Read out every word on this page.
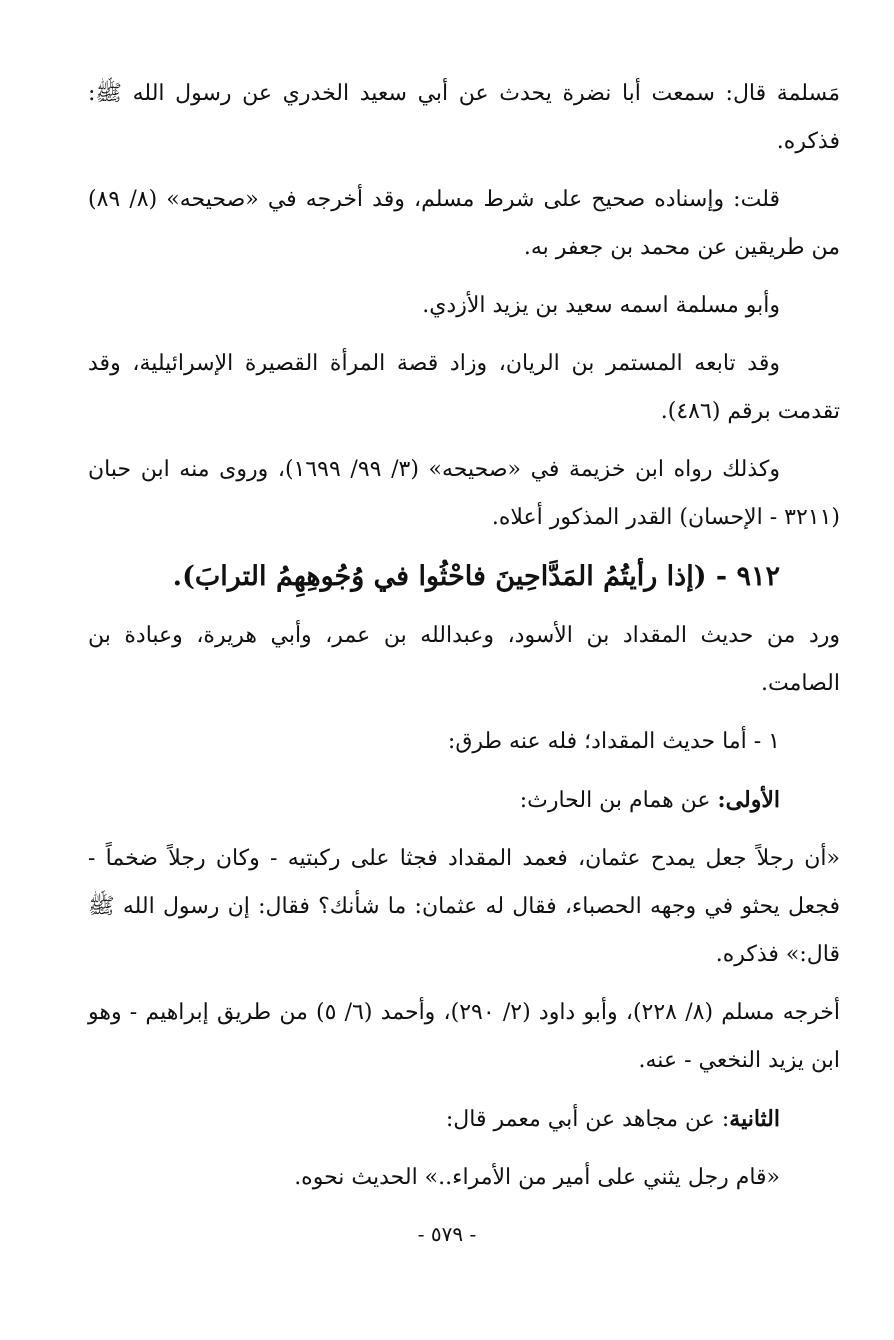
مَسلمة قال: سمعت أبا نضرة يحدث عن أبي سعيد الخدري عن رسول الله ﷺ: فذكره.

قلت: وإسناده صحيح على شرط مسلم، وقد أخرجه في «صحيحه» (٨/ ٨٩) من طريقين عن محمد بن جعفر به.

وأبو مسلمة اسمه سعيد بن يزيد الأزدي.

وقد تابعه المستمر بن الريان، وزاد قصة المرأة القصيرة الإسرائيلية، وقد تقدمت برقم (٤٨٦).

وكذلك رواه ابن خزيمة في «صحيحه» (٣/ ٩٩/ ١٦٩٩)، وروى منه ابن حبان (٣٢١١ - الإحسان) القدر المذكور أعلاه.

٩١٢ - (إذا رأيتُمُ المَدَّاحِينَ فاحْثُوا في وُجُوهِهِمُ الترابَ).

ورد من حديث المقداد بن الأسود، وعبدالله بن عمر، وأبي هريرة، وعبادة بن الصامت.

١ - أما حديث المقداد؛ فله عنه طرق:

الأولى: عن همام بن الحارث:

«أن رجلاً جعل يمدح عثمان، فعمد المقداد فجثا على ركبتيه - وكان رجلاً ضخماً - فجعل يحثو في وجهه الحصباء، فقال له عثمان: ما شأنك؟ فقال: إن رسول الله ﷺ قال:» فذكره.

أخرجه مسلم (٨/ ٢٢٨)، وأبو داود (٢/ ٢٩٠)، وأحمد (٦/ ٥) من طريق إبراهيم - وهو ابن يزيد النخعي - عنه.

الثانية: عن مجاهد عن أبي معمر قال:

«قام رجل يثني على أمير من الأمراء..» الحديث نحوه.

- ٥٧٩ -
